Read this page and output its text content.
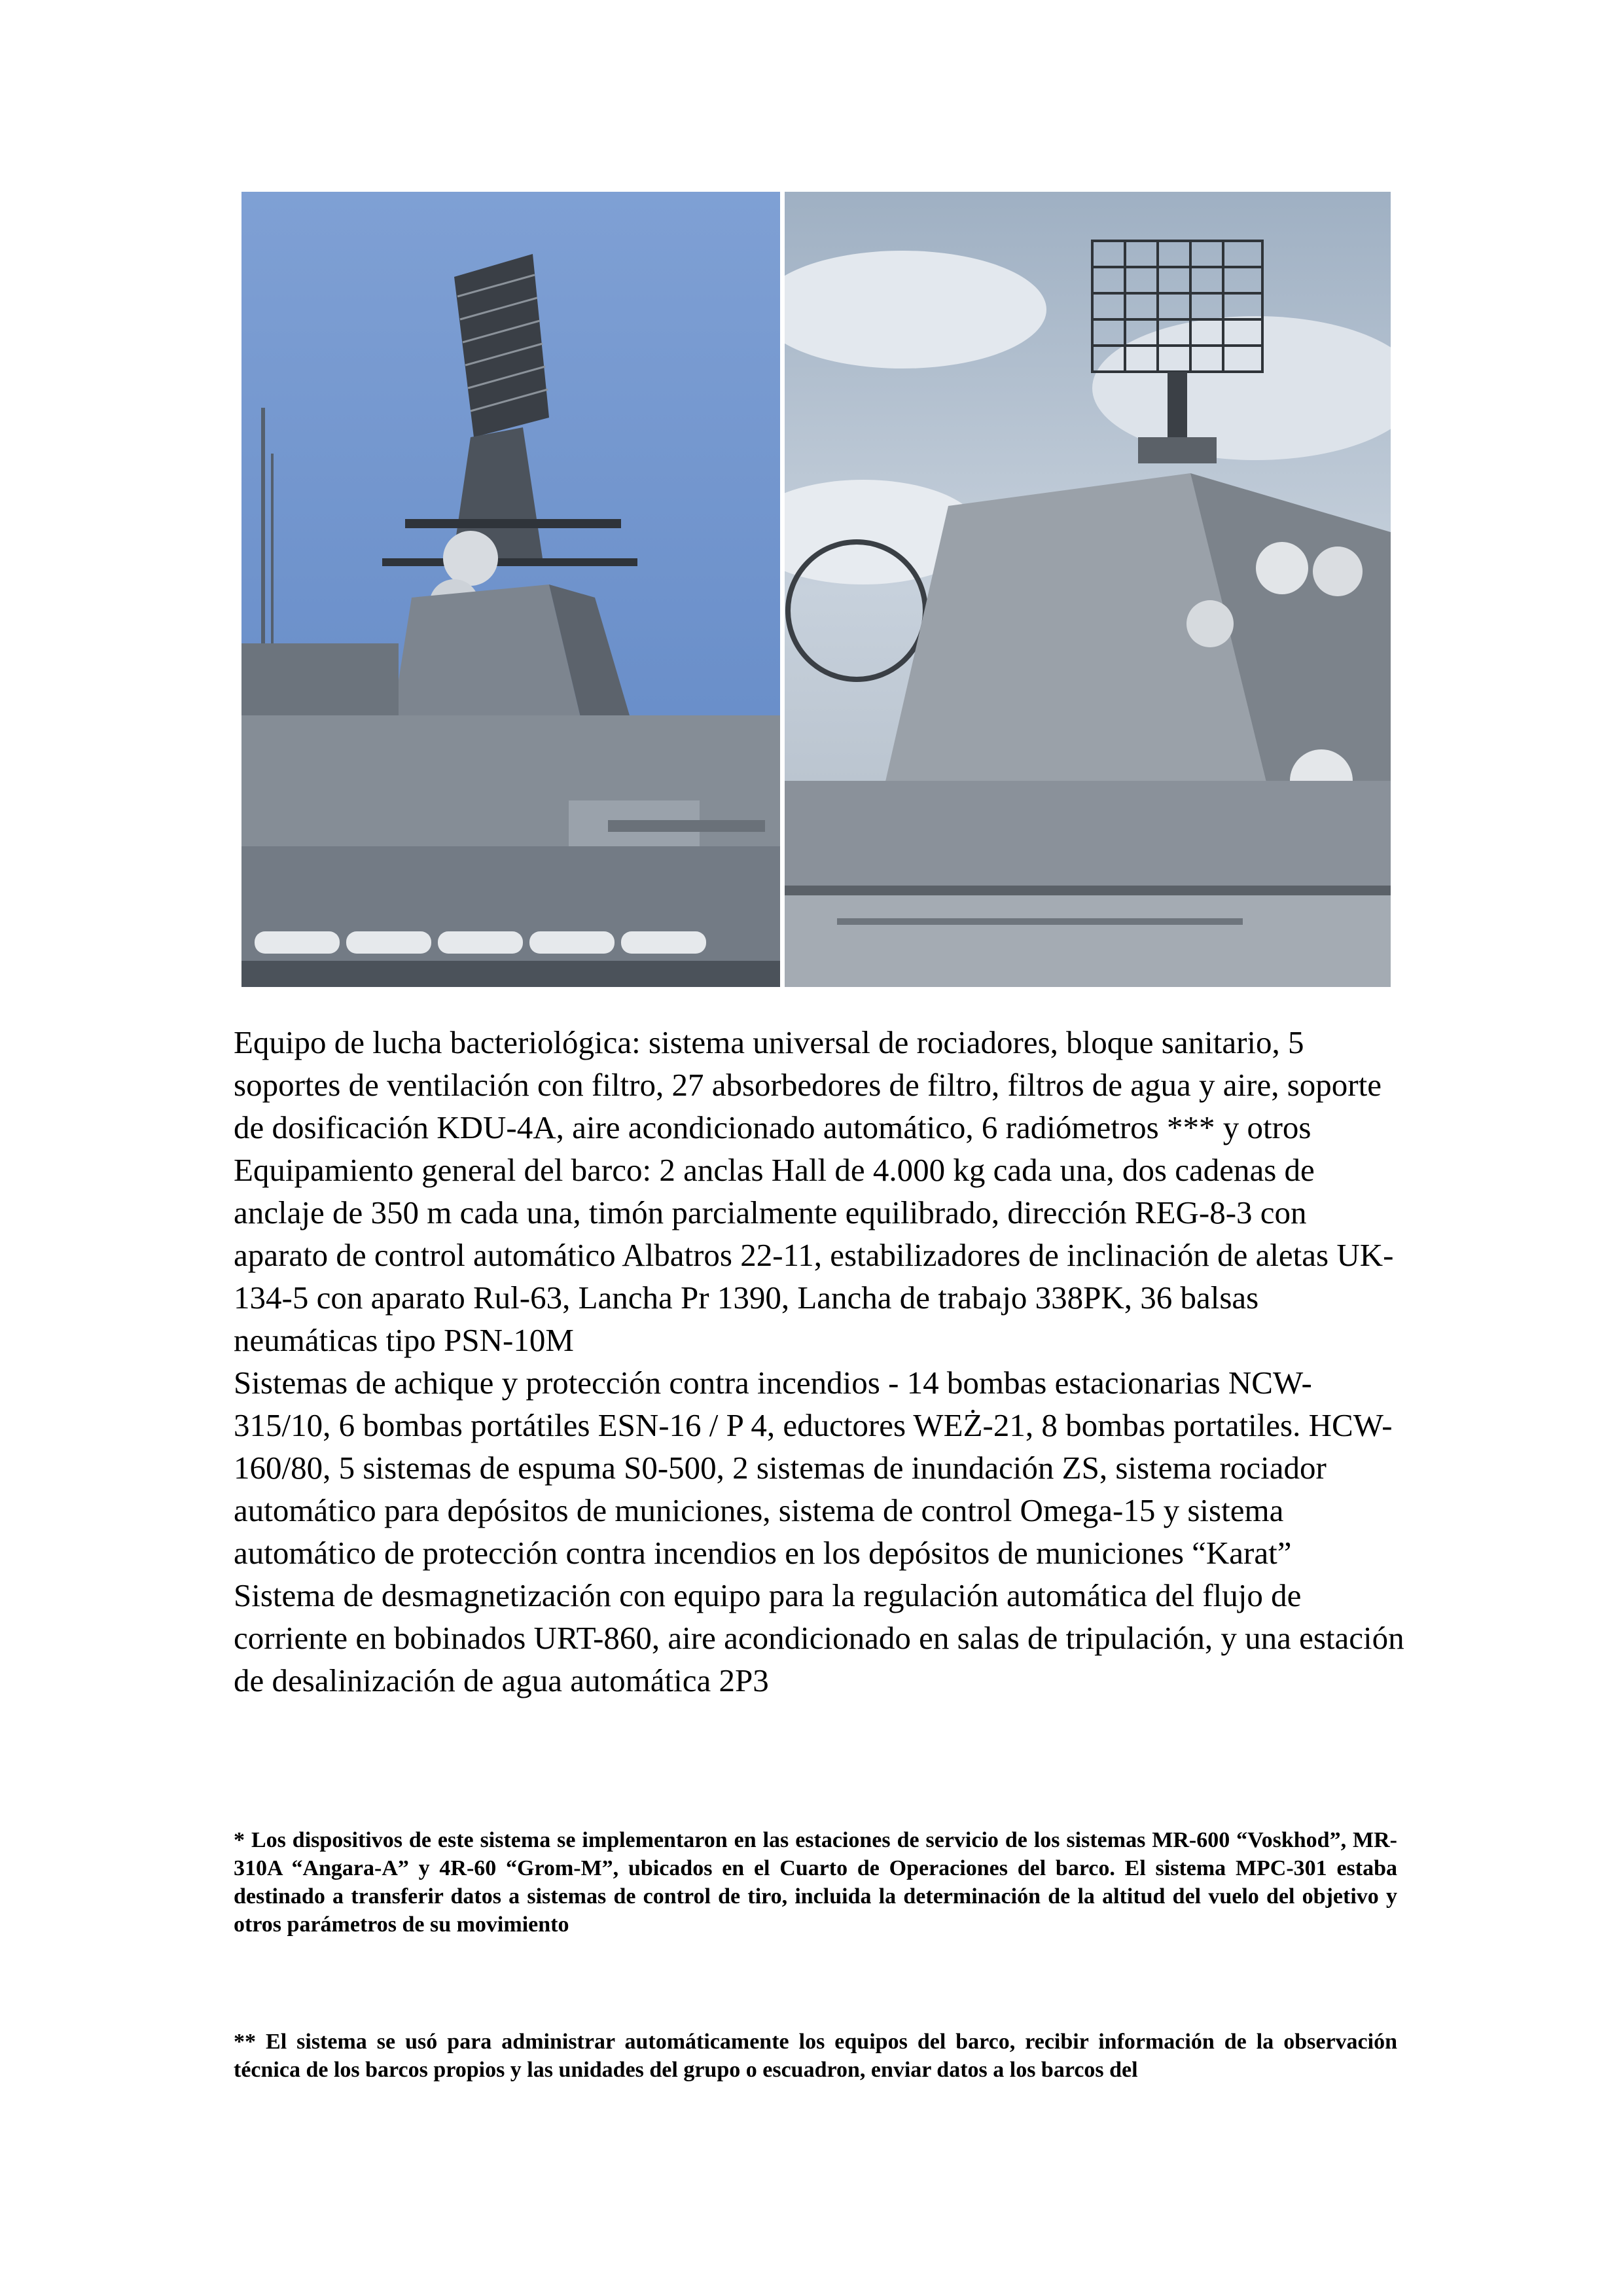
Equipo de lucha bacteriológica: sistema universal de rociadores, bloque sanitario, 5 soportes de ventilación con filtro, 27 absorbedores de filtro, filtros de agua y aire, soporte de dosificación KDU-4A, aire acondicionado automático, 6 radiómetros *** y otros

Equipamiento general del barco: 2 anclas Hall de 4.000 kg cada una, dos cadenas de anclaje de 350 m cada una, timón parcialmente equilibrado, dirección REG-8-3 con aparato de control automático Albatros 22-11, estabilizadores de inclinación de aletas UK-134-5 con aparato Rul-63, Lancha Pr 1390, Lancha de trabajo 338PK, 36 balsas neumáticas tipo PSN-10M

Sistemas de achique y protección contra incendios - 14 bombas estacionarias NCW-315/10, 6 bombas portátiles ESN-16 / P 4, eductores WEŻ-21, 8 bombas portatiles. HCW-160/80, 5 sistemas de espuma S0-500, 2 sistemas de inundación ZS, sistema rociador automático para depósitos de municiones, sistema de control Omega-15 y sistema automático de protección contra incendios en los depósitos de municiones “Karat”

Sistema de desmagnetización con equipo para la regulación automática del flujo de corriente en bobinados URT-860, aire acondicionado en salas de tripulación, y una estación de desalinización de agua automática 2P3

* Los dispositivos de este sistema se implementaron en las estaciones de servicio de los sistemas MR-600 “Voskhod”, MR-310A “Angara-A” y 4R-60 “Grom-M”, ubicados en el Cuarto de Operaciones del barco. El sistema MPC-301 estaba destinado a transferir datos a sistemas de control de tiro, incluida la determinación de la altitud del vuelo del objetivo y otros parámetros de su movimiento

** El sistema se usó para administrar automáticamente los equipos del barco, recibir información de la observación técnica de los barcos propios y las unidades del grupo o escuadron, enviar datos a los barcos del
